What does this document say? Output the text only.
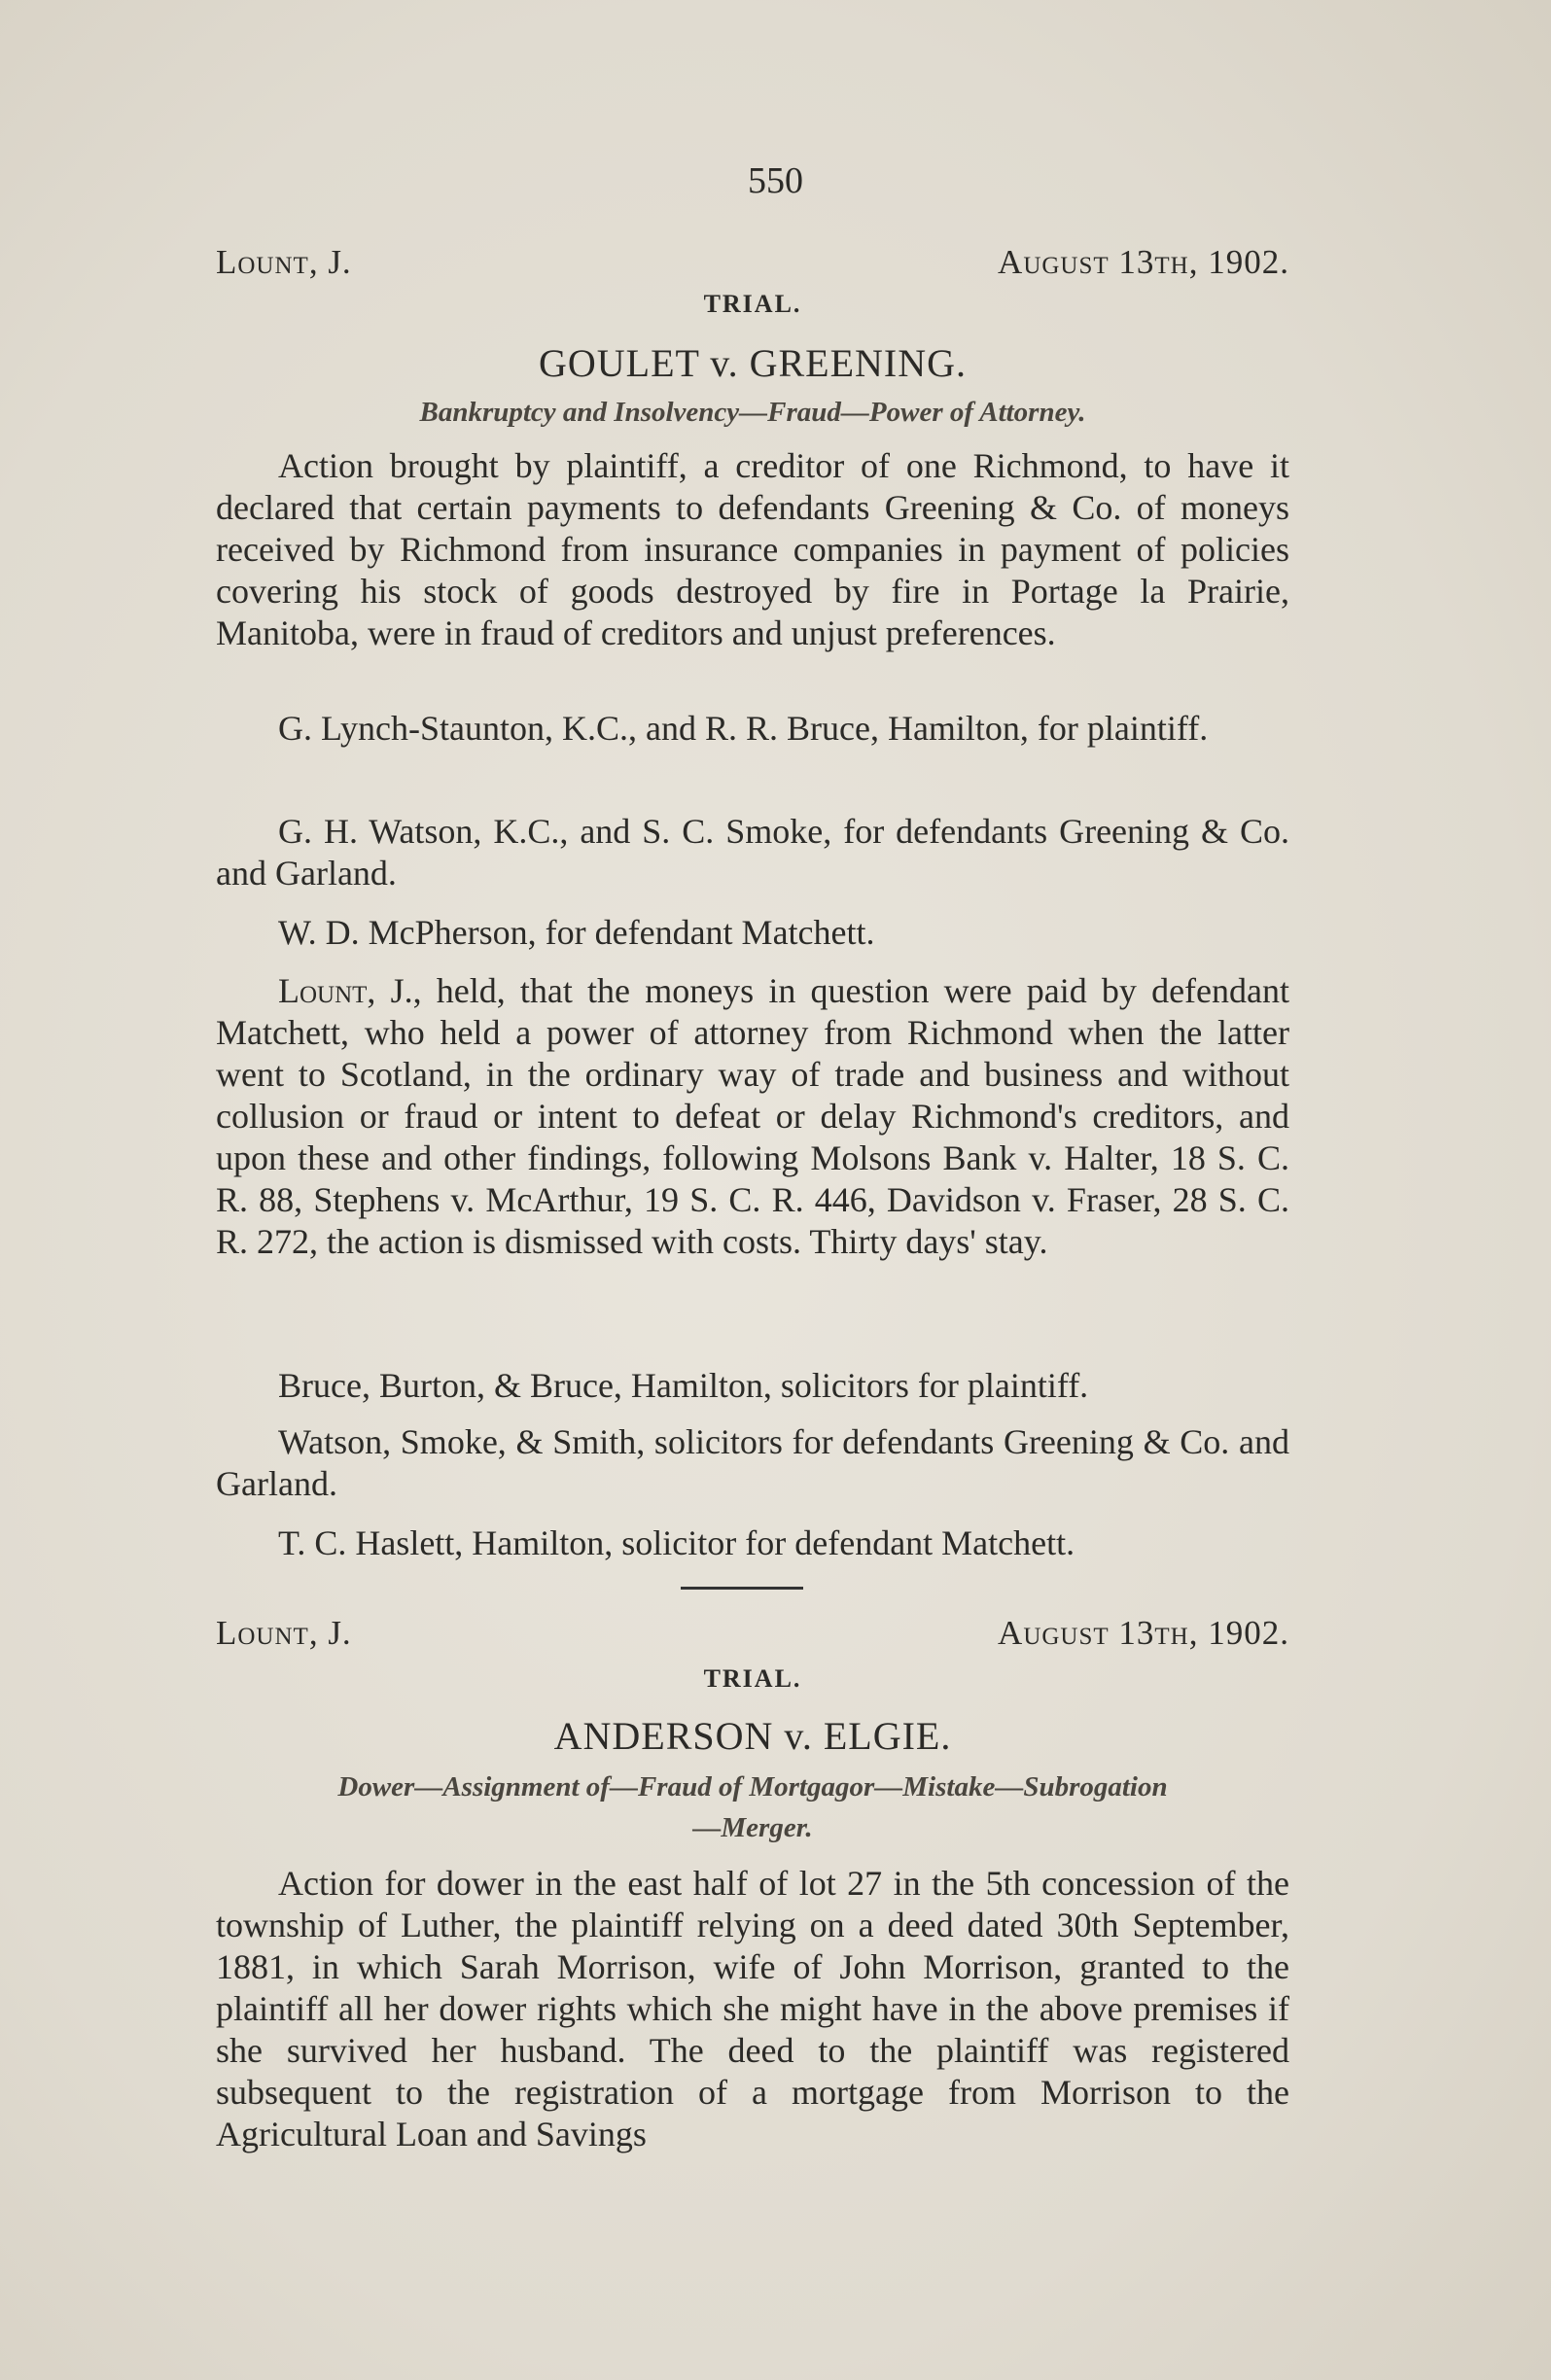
550
Lount, J.	August 13th, 1902.
TRIAL.
GOULET v. GREENING.
Bankruptcy and Insolvency—Fraud—Power of Attorney.

Action brought by plaintiff, a creditor of one Richmond, to have it declared that certain payments to defendants Greening & Co. of moneys received by Richmond from insurance companies in payment of policies covering his stock of goods destroyed by fire in Portage la Prairie, Manitoba, were in fraud of creditors and unjust preferences.

G. Lynch-Staunton, K.C., and R. R. Bruce, Hamilton, for plaintiff.

G. H. Watson, K.C., and S. C. Smoke, for defendants Greening & Co. and Garland.

W. D. McPherson, for defendant Matchett.

Lount, J., held, that the moneys in question were paid by defendant Matchett, who held a power of attorney from Richmond when the latter went to Scotland, in the ordinary way of trade and business and without collusion or fraud or intent to defeat or delay Richmond's creditors, and upon these and other findings, following Molsons Bank v. Halter, 18 S. C. R. 88, Stephens v. McArthur, 19 S. C. R. 446, Davidson v. Fraser, 28 S. C. R. 272, the action is dismissed with costs. Thirty days' stay.

Bruce, Burton, & Bruce, Hamilton, solicitors for plaintiff.

Watson, Smoke, & Smith, solicitors for defendants Greening & Co. and Garland.

T. C. Haslett, Hamilton, solicitor for defendant Matchett.

Lount, J.	August 13th, 1902.
TRIAL.
ANDERSON v. ELGIE.
Dower—Assignment of—Fraud of Mortgagor—Mistake—Subrogation
—Merger.

Action for dower in the east half of lot 27 in the 5th concession of the township of Luther, the plaintiff relying on a deed dated 30th September, 1881, in which Sarah Morrison, wife of John Morrison, granted to the plaintiff all her dower rights which she might have in the above premises if she survived her husband. The deed to the plaintiff was registered subsequent to the registration of a mortgage from Morrison to the Agricultural Loan and Savings
